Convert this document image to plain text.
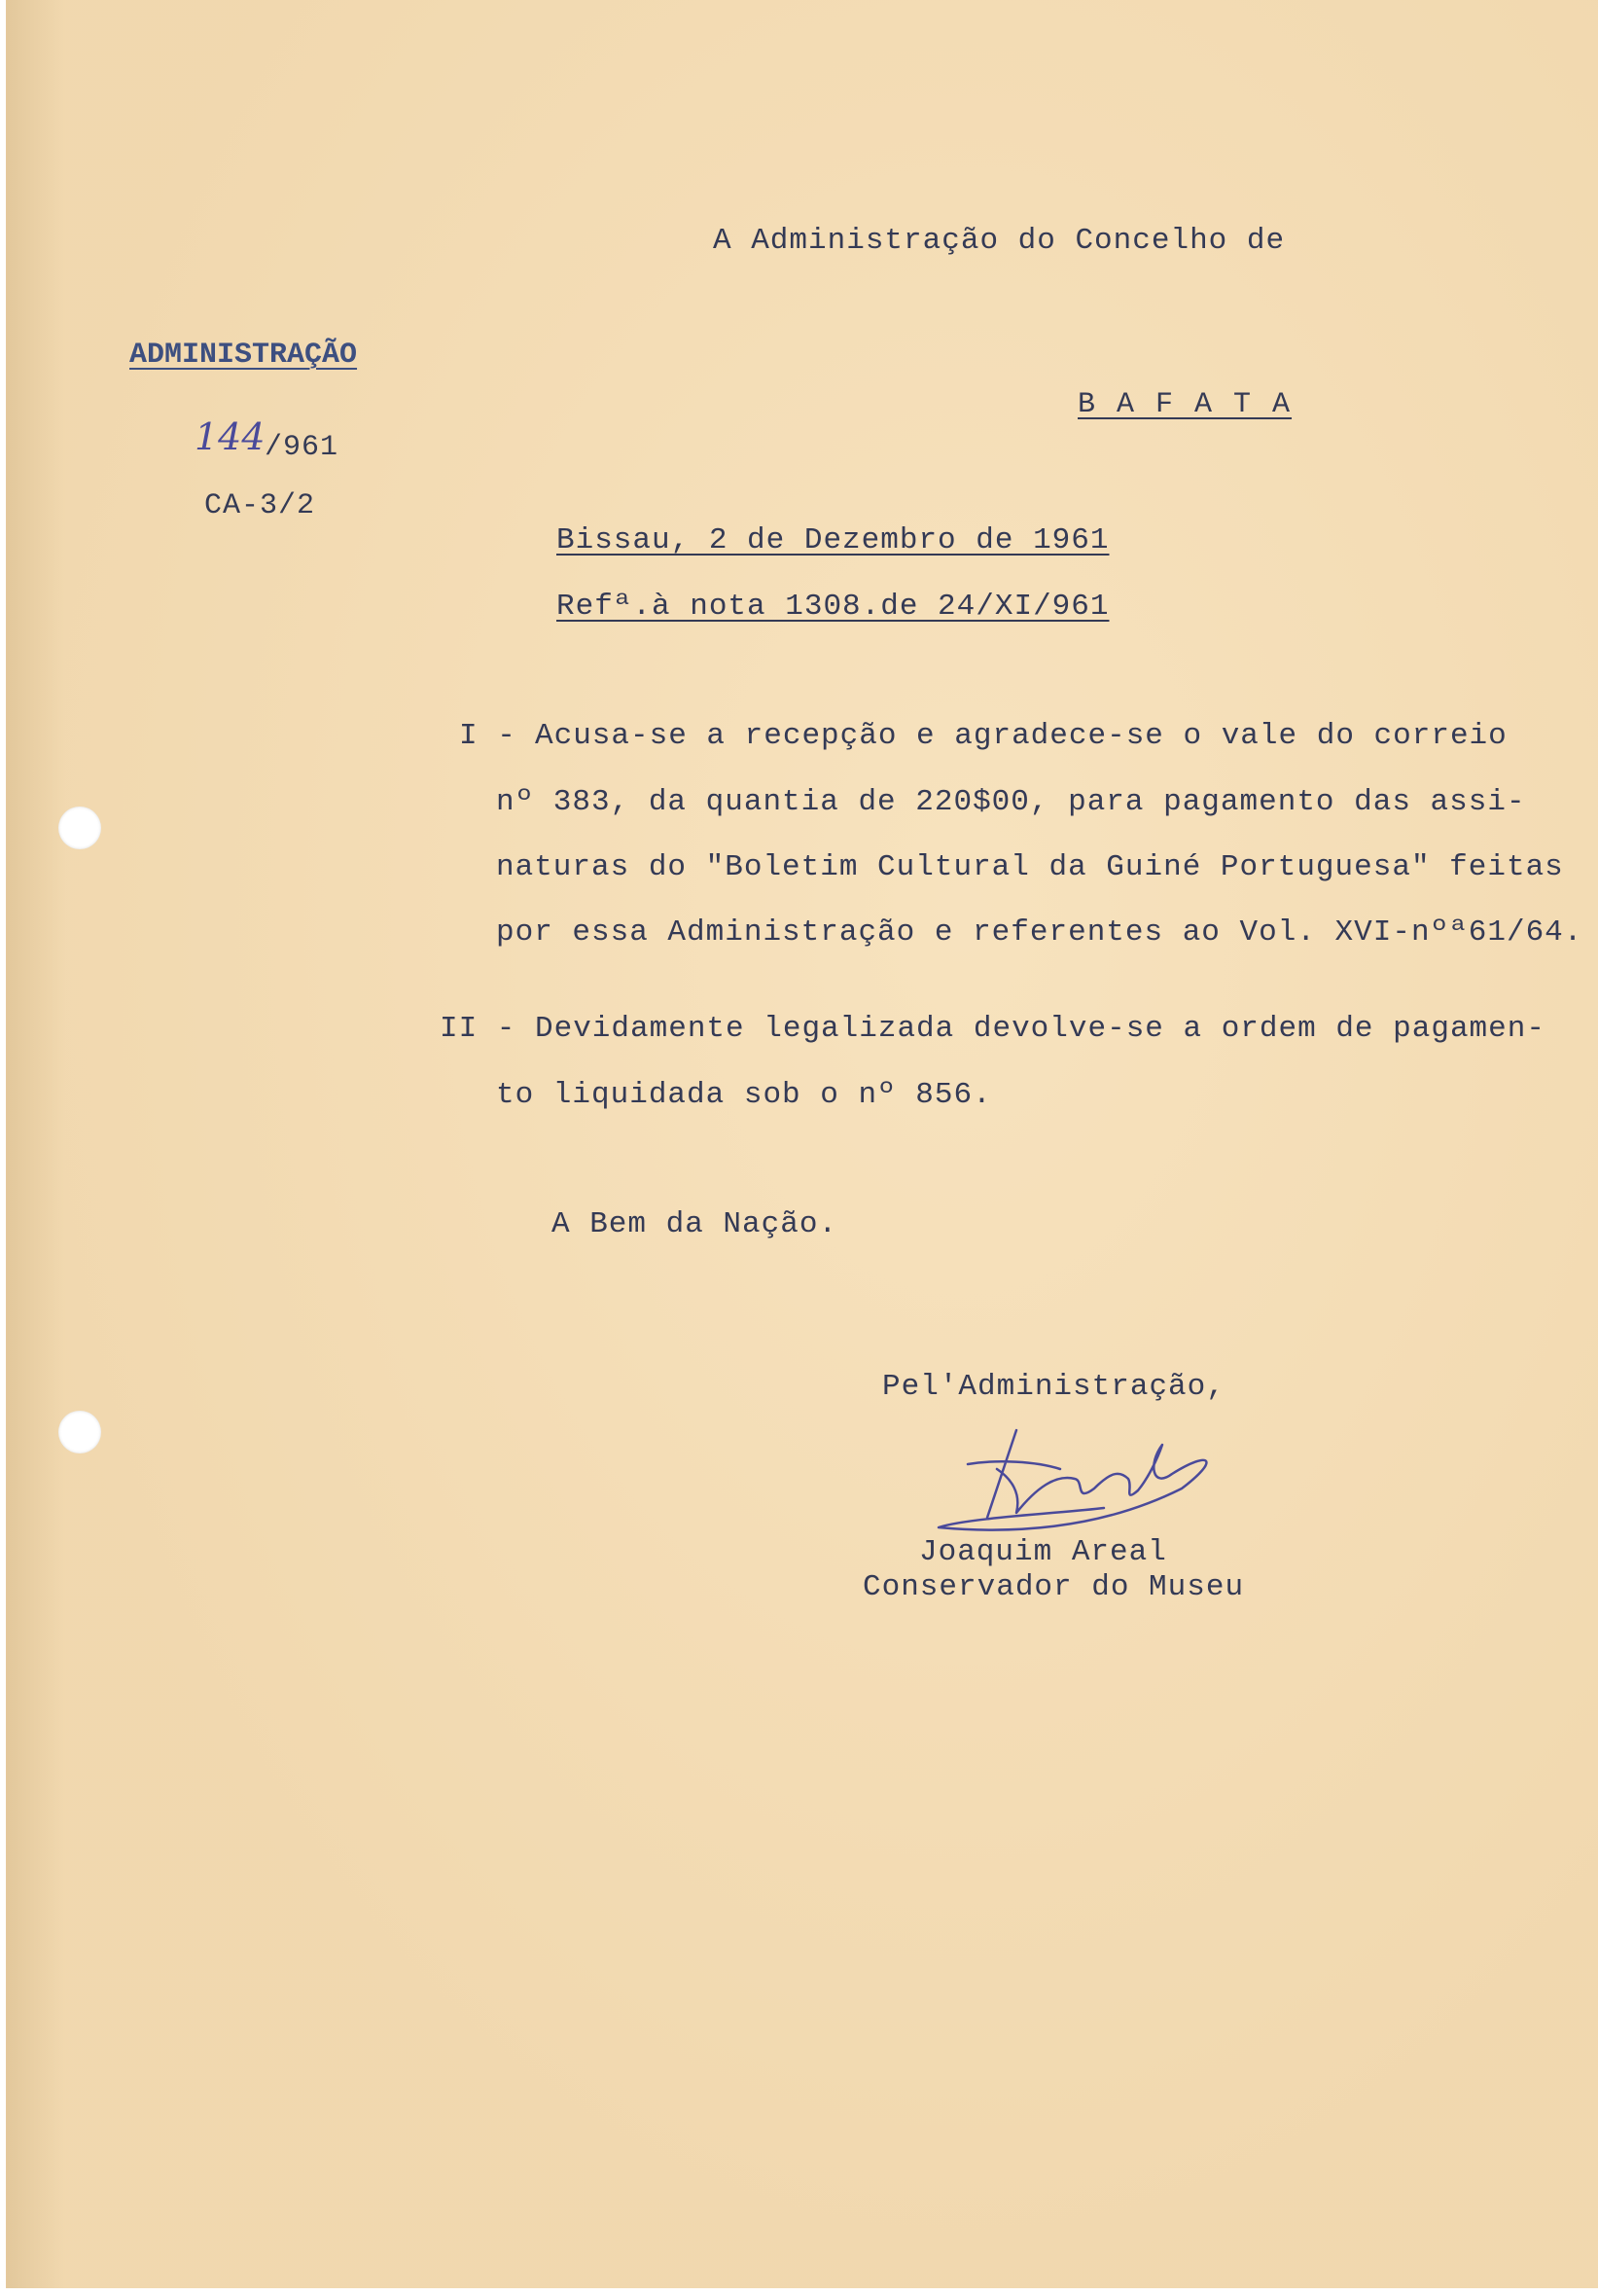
A Administração do Concelho de
B A F A T A
ADMINISTRAÇÃO
144 /961
CA-3/2
Bissau, 2 de Dezembro de 1961
Refª.à nota 1308.de 24/XI/961
I - Acusa-se a recepção e agradece-se o vale do correio
nº 383, da quantia de 220$00, para pagamento das assi-
naturas do "Boletim Cultural da Guiné Portuguesa" feitas
por essa Administração e referentes ao Vol. XVI-nºª61/64.
II - Devidamente legalizada devolve-se a ordem de pagamen-
to liquidada sob o nº 856.
A Bem da Nação.
Pel'Administração,
Joaquim Areal
Conservador do Museu
